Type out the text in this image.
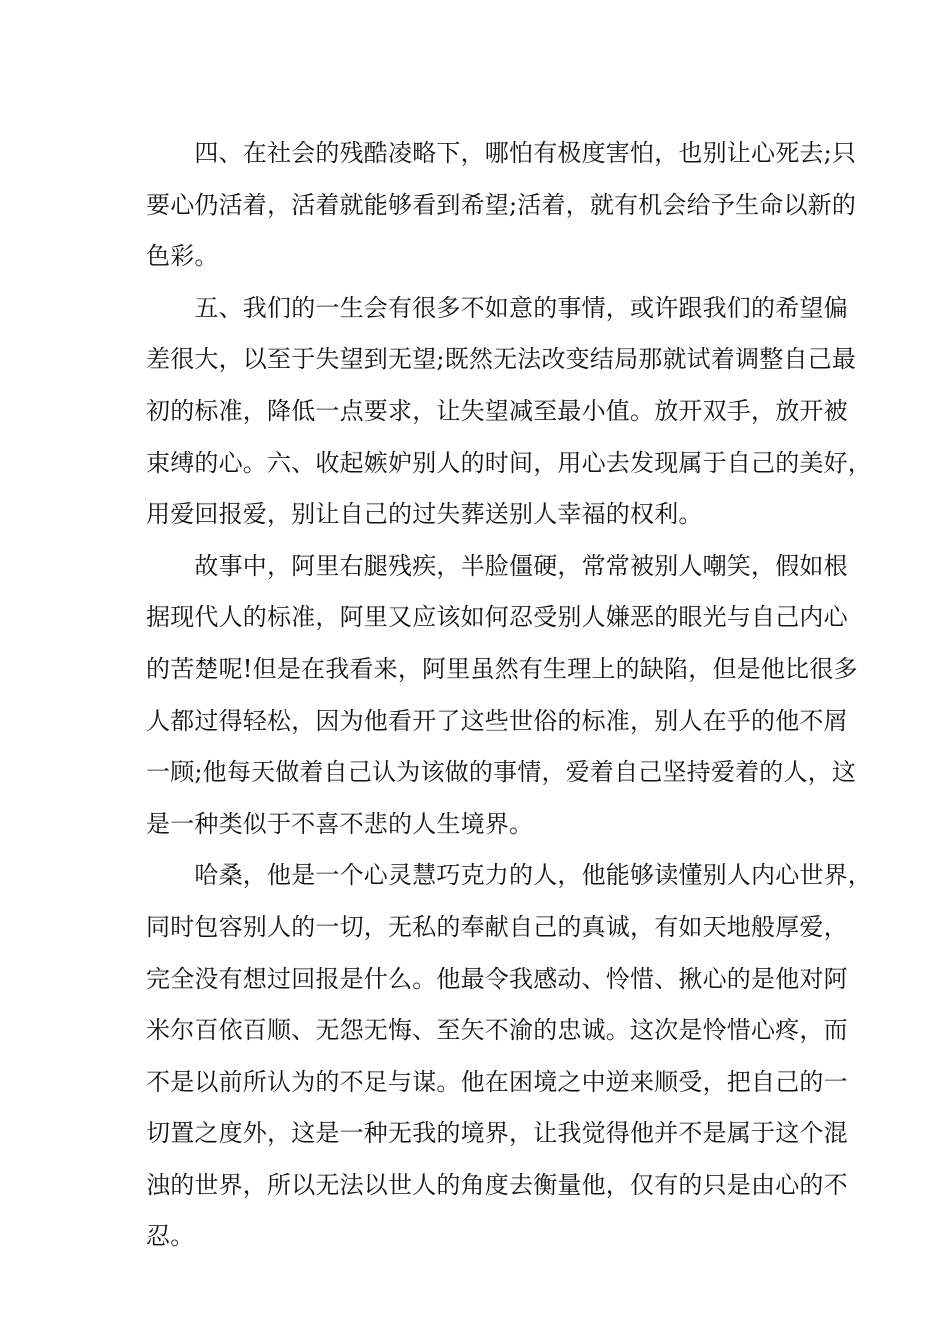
　　四、在社会的残酷凌略下，哪怕有极度害怕，也别让心死去;只
要心仍活着，活着就能够看到希望;活着，就有机会给予生命以新的
色彩。

　　五、我们的一生会有很多不如意的事情，或许跟我们的希望偏
差很大，以至于失望到无望;既然无法改变结局那就试着调整自己最
初的标准，降低一点要求，让失望减至最小值。放开双手，放开被
束缚的心。六、收起嫉妒别人的时间，用心去发现属于自己的美好，
用爱回报爱，别让自己的过失葬送别人幸福的权利。

　　故事中，阿里右腿残疾，半脸僵硬，常常被别人嘲笑，假如根
据现代人的标准，阿里又应该如何忍受别人嫌恶的眼光与自己内心
的苦楚呢!但是在我看来，阿里虽然有生理上的缺陷，但是他比很多
人都过得轻松，因为他看开了这些世俗的标准，别人在乎的他不屑
一顾;他每天做着自己认为该做的事情，爱着自己坚持爱着的人，这
是一种类似于不喜不悲的人生境界。

　　哈桑，他是一个心灵慧巧克力的人，他能够读懂别人内心世界，
同时包容别人的一切，无私的奉献自己的真诚，有如天地般厚爱，
完全没有想过回报是什么。他最令我感动、怜惜、揪心的是他对阿
米尔百依百顺、无怨无悔、至矢不渝的忠诚。这次是怜惜心疼，而
不是以前所认为的不足与谋。他在困境之中逆来顺受，把自己的一
切置之度外，这是一种无我的境界，让我觉得他并不是属于这个混
浊的世界，所以无法以世人的角度去衡量他，仅有的只是由心的不
忍。
